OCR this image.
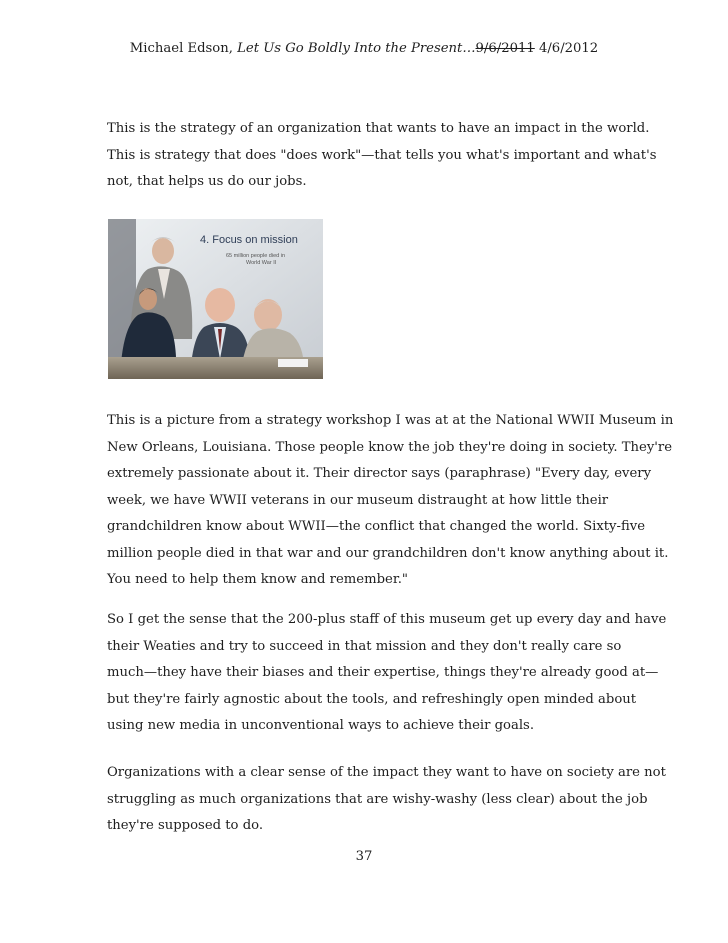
Michael Edson, Let Us Go Boldly Into the Present…9/6/2011 4/6/2012
This is the strategy of an organization that wants to have an impact in the world.
This is strategy that does "does work"—that tells you what's important and what's
not, that helps us do our jobs.
4. Focus on mission
65 million people died in
World War II
This is a picture from a strategy workshop I was at at the National WWII Museum in
New Orleans, Louisiana. Those people know the job they're doing in society. They're
extremely passionate about it. Their director says (paraphrase) "Every day, every
week, we have WWII veterans in our museum distraught at how little their
grandchildren know about WWII—the conflict that changed the world. Sixty-five
million people died in that war and our grandchildren don't know anything about it.
You need to help them know and remember."
So I get the sense that the 200-plus staff of this museum get up every day and have
their Weaties and try to succeed in that mission and they don't really care so
much—they have their biases and their expertise, things they're already good at—
but they're fairly agnostic about the tools, and refreshingly open minded about
using new media in unconventional ways to achieve their goals.
Organizations with a clear sense of the impact they want to have on society are not
struggling as much organizations that are wishy-washy (less clear) about the job
they're supposed to do.
37
